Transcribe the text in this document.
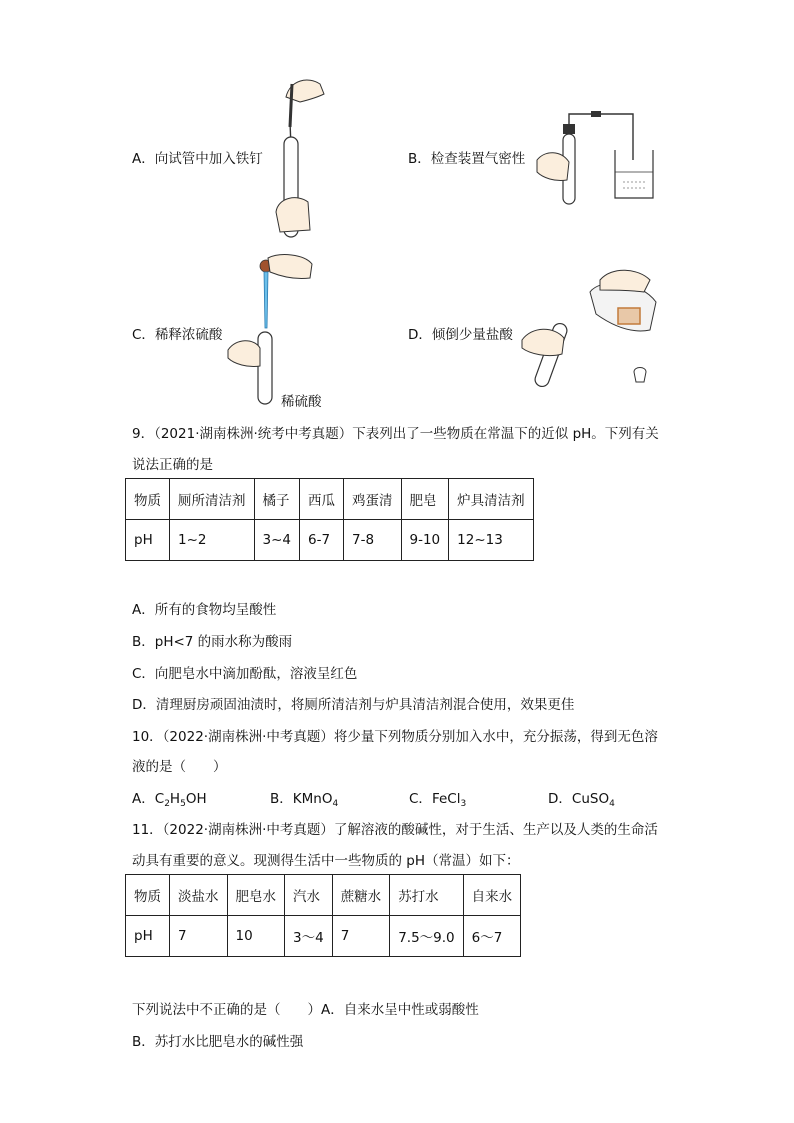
A．向试管中加入铁钉	B．检查装置气密性
C．稀释浓硫酸
稀硫酸
D．倾倒少量盐酸
9．（2021·湖南株洲·统考中考真题）下表列出了一些物质在常温下的近似 pH。下列有关
说法正确的是
物质	厕所清洁剂	橘子	西瓜	鸡蛋清	肥皂	炉具清洁剂
pH	1~2	3~4	6-7	7-8	9-10	12~13
A．所有的食物均呈酸性
B．pH<7 的雨水称为酸雨
C．向肥皂水中滴加酚酞，溶液呈红色
D．清理厨房顽固油渍时，将厕所清洁剂与炉具清洁剂混合使用，效果更佳
10．（2022·湖南株洲·中考真题）将少量下列物质分别加入水中，充分振荡，得到无色溶
液的是（　　）
A．$C_2H_5OH$	B．KMnO$_4$	C．FeCl$_3$	D．CuSO$_4$
11．（2022·湖南株洲·中考真题）了解溶液的酸碱性，对于生活、生产以及人类的生命活
动具有重要的意义。现测得生活中一些物质的 pH（常温）如下：
物质	淡盐水	肥皂水	汽水	蔗糖水	苏打水	自来水
pH	7	10	3～4	7	7.5～9.0	6～7
下列说法中不正确的是（　　）A．自来水呈中性或弱酸性
B．苏打水比肥皂水的碱性强
